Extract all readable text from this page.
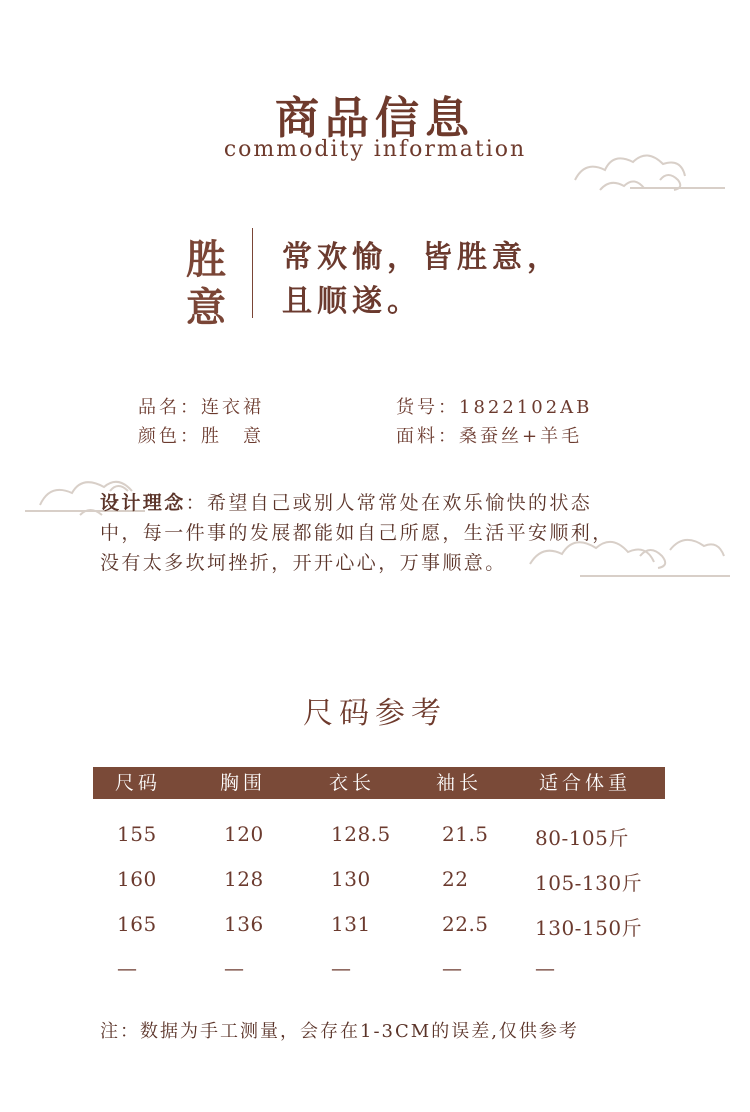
商品信息
commodity information
胜
意
常欢愉，皆胜意，
且顺遂。
品名：连衣裙	货号：1822102AB
颜色：胜　意	面料：桑蚕丝+羊毛
设计理念：希望自己或别人常常处在欢乐愉快的状态
中，每一件事的发展都能如自己所愿，生活平安顺利，
没有太多坎坷挫折，开开心心，万事顺意。
尺码参考
尺码	胸围	衣长	袖长	适合体重
155	120	128.5	21.5 80-105斤
160	128	130	22	105-130斤
165	136	131	22.5 130-150斤
—	—	—	—	—
注：数据为手工测量，会存在1-3CM的误差,仅供参考
